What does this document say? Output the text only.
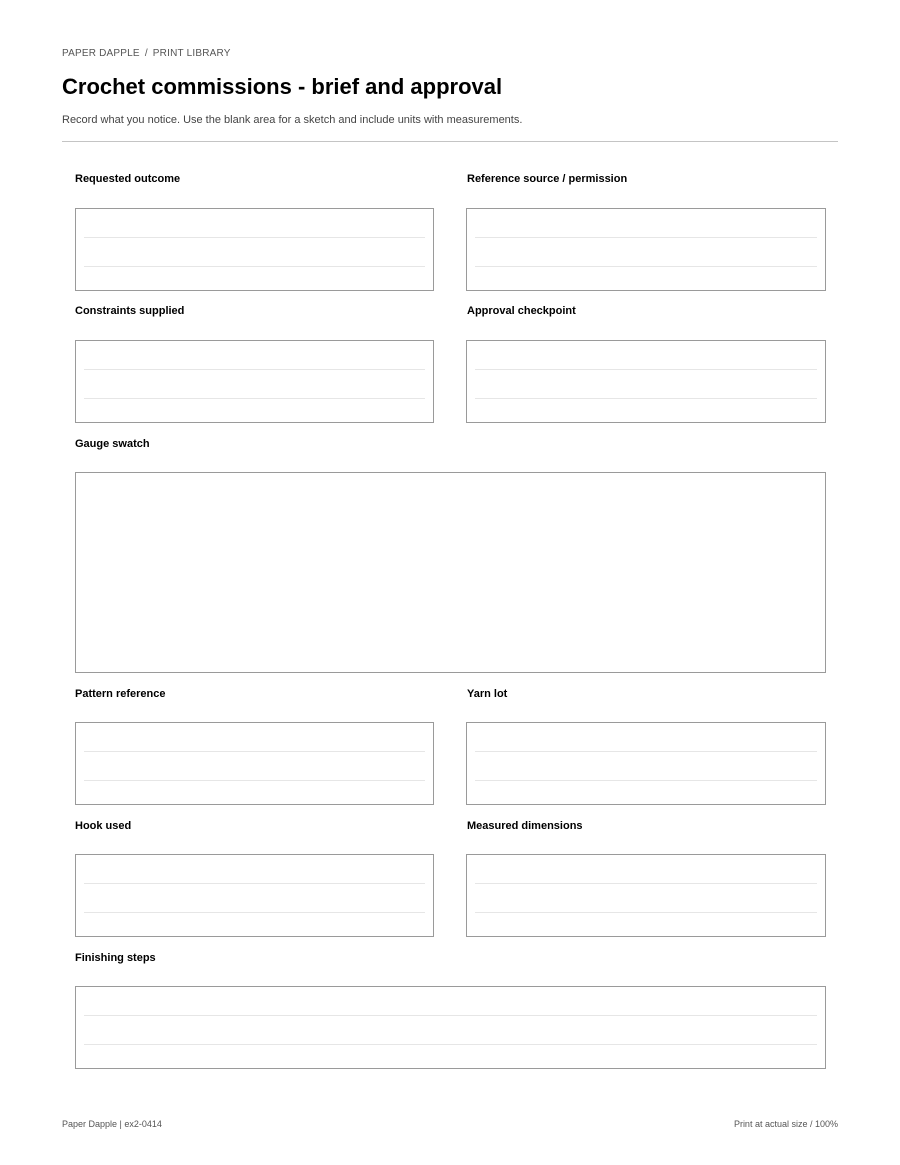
PAPER DAPPLE / PRINT LIBRARY
Crochet commissions - brief and approval

Record what you notice. Use the blank area for a sketch and include units with measurements.

Requested outcome	Reference source / permission
Constraints supplied	Approval checkpoint
Gauge swatch
Pattern reference	Yarn lot
Hook used	Measured dimensions
Finishing steps
Paper Dapple | ex2-0414	Print at actual size / 100%
